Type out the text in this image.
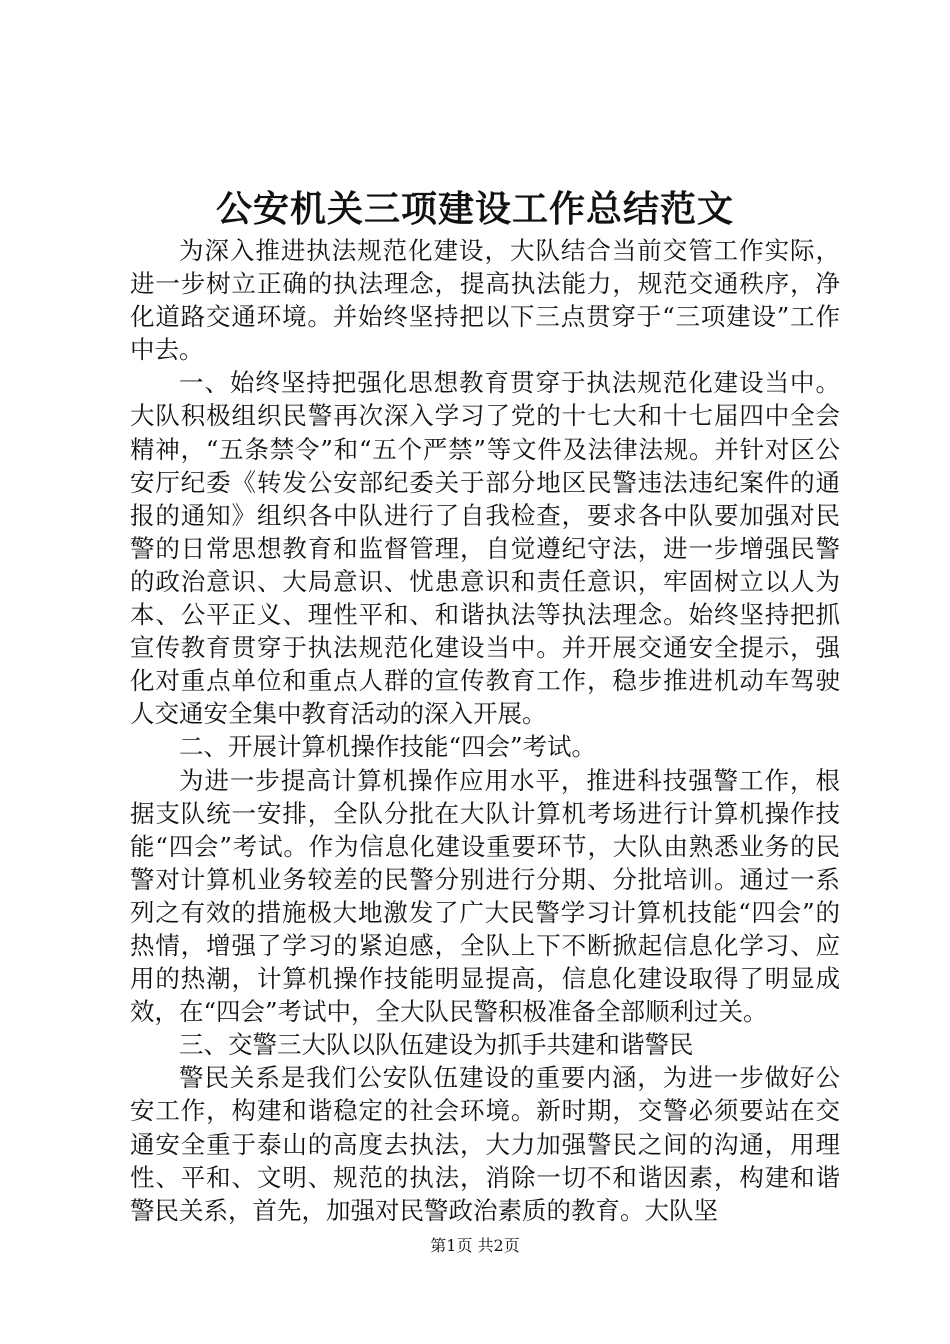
公安机关三项建设工作总结范文

为深入推进执法规范化建设，大队结合当前交管工作实际，进一步树立正确的执法理念，提高执法能力，规范交通秩序，净化道路交通环境。并始终坚持把以下三点贯穿于“三项建设”工作中去。

一、始终坚持把强化思想教育贯穿于执法规范化建设当中。大队积极组织民警再次深入学习了党的十七大和十七届四中全会精神，“五条禁令”和“五个严禁”等文件及法律法规。并针对区公安厅纪委《转发公安部纪委关于部分地区民警违法违纪案件的通报的通知》组织各中队进行了自我检查，要求各中队要加强对民警的日常思想教育和监督管理，自觉遵纪守法，进一步增强民警的政治意识、大局意识、忧患意识和责任意识，牢固树立以人为本、公平正义、理性平和、和谐执法等执法理念。始终坚持把抓宣传教育贯穿于执法规范化建设当中。并开展交通安全提示，强化对重点单位和重点人群的宣传教育工作，稳步推进机动车驾驶人交通安全集中教育活动的深入开展。

二、开展计算机操作技能“四会”考试。

为进一步提高计算机操作应用水平，推进科技强警工作，根据支队统一安排，全队分批在大队计算机考场进行计算机操作技能“四会”考试。作为信息化建设重要环节，大队由熟悉业务的民警对计算机业务较差的民警分别进行分期、分批培训。通过一系列之有效的措施极大地激发了广大民警学习计算机技能“四会”的热情，增强了学习的紧迫感，全队上下不断掀起信息化学习、应用的热潮，计算机操作技能明显提高，信息化建设取得了明显成效，在“四会”考试中，全大队民警积极准备全部顺利过关。

三、交警三大队以队伍建设为抓手共建和谐警民

警民关系是我们公安队伍建设的重要内涵，为进一步做好公安工作，构建和谐稳定的社会环境。新时期，交警必须要站在交通安全重于泰山的高度去执法，大力加强警民之间的沟通，用理性、平和、文明、规范的执法，消除一切不和谐因素，构建和谐警民关系，首先，加强对民警政治素质的教育。大队坚

第1页 共2页
